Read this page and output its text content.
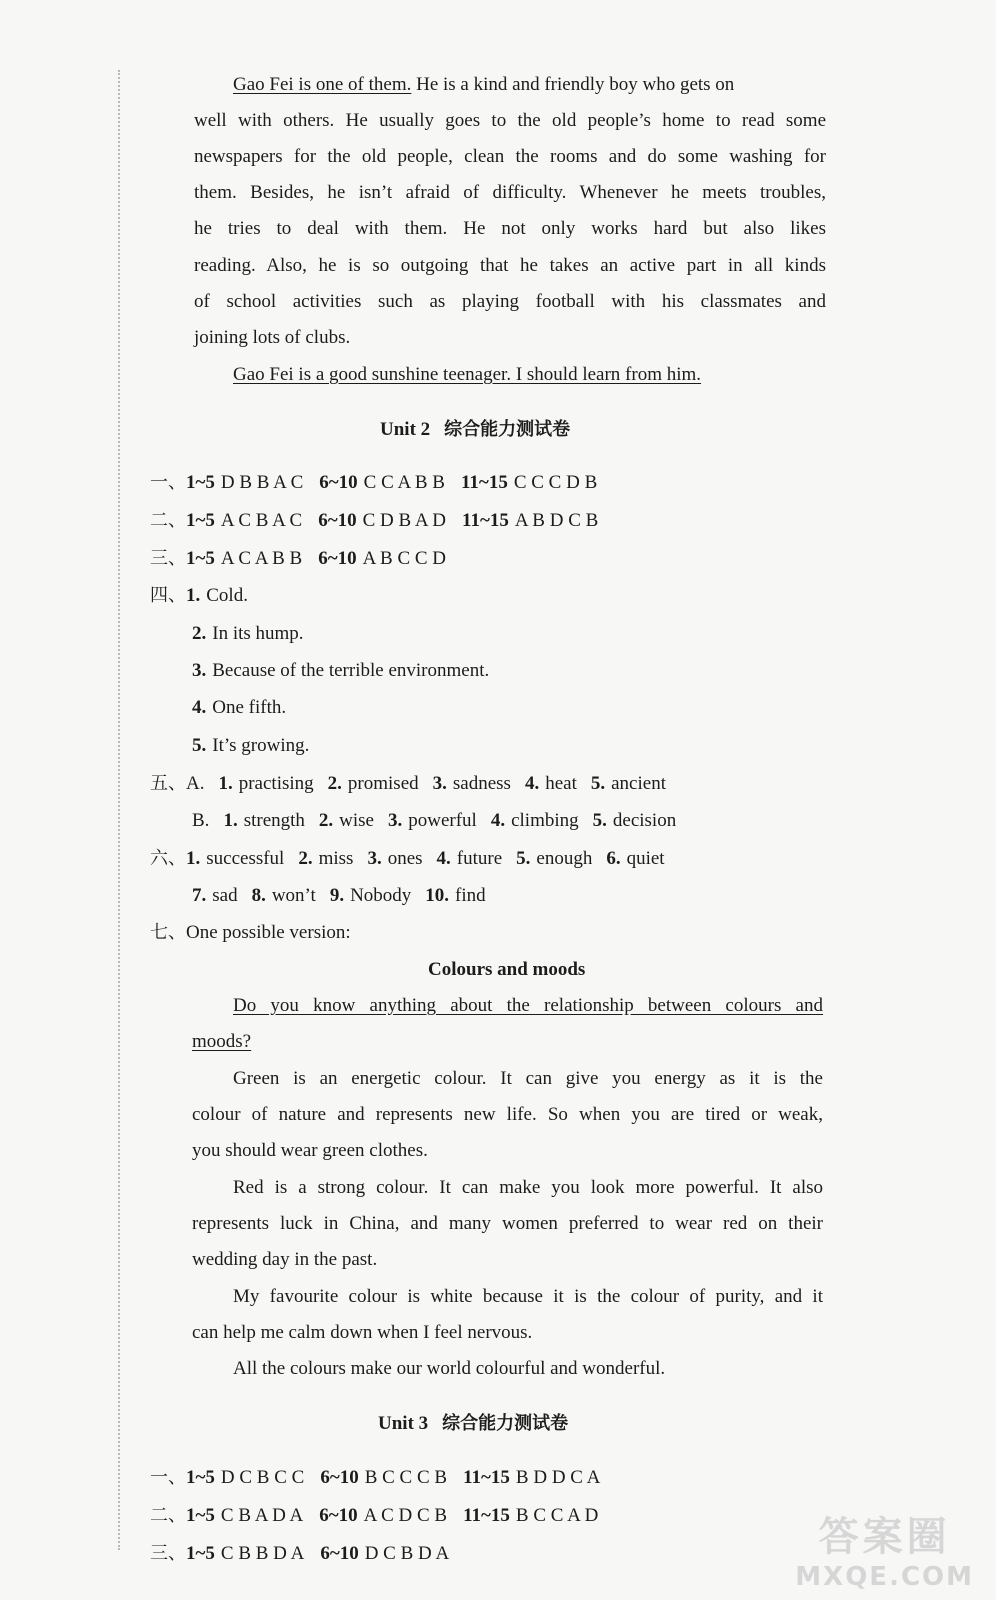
Gao Fei is one of them. He is a kind and friendly boy who gets on
well with others. He usually goes to the old people’s home to read some
newspapers for the old people, clean the rooms and do some washing for
them. Besides, he isn’t afraid of difficulty. Whenever he meets troubles,
he tries to deal with them. He not only works hard but also likes
reading. Also, he is so outgoing that he takes an active part in all kinds
of school activities such as playing football with his classmates and
joining lots of clubs.
Gao Fei is a good sunshine teenager. I should learn from him.
Unit 2 综合能力测试卷
一、1~5 D B B A C 6~10 C C A B B 11~15 C C C D B
二、1~5 A C B A C 6~10 C D B A D 11~15 A B D C B
三、1~5 A C A B B 6~10 A B C C D
四、1. Cold.
2. In its hump.
3. Because of the terrible environment.
4. One fifth.
5. It’s growing.
五、A. 1. practising 2. promised 3. sadness 4. heat 5. ancient
B. 1. strength 2. wise 3. powerful 4. climbing 5. decision
六、1. successful 2. miss 3. ones 4. future 5. enough 6. quiet
7. sad 8. won’t 9. Nobody 10. find
七、One possible version:
Colours and moods
Do you know anything about the relationship between colours and
moods?
Green is an energetic colour. It can give you energy as it is the
colour of nature and represents new life. So when you are tired or weak,
you should wear green clothes.
Red is a strong colour. It can make you look more powerful. It also
represents luck in China, and many women preferred to wear red on their
wedding day in the past.
My favourite colour is white because it is the colour of purity, and it
can help me calm down when I feel nervous.
All the colours make our world colourful and wonderful.
Unit 3 综合能力测试卷
一、1~5 D C B C C 6~10 B C C C B 11~15 B D D C A
二、1~5 C B A D A 6~10 A C D C B 11~15 B C C A D
三、1~5 C B B D A 6~10 D C B D A	答案圈
MXQE.COM
